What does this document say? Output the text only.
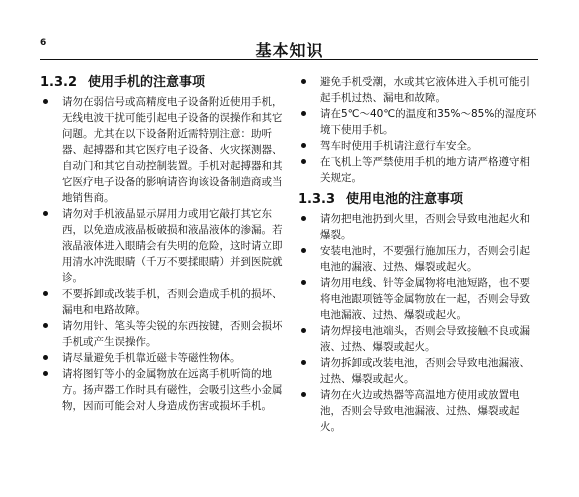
6	基本知识
1.3.2 使用手机的注意事项
请勿在弱信号或高精度电子设备附近使用手机，无线电波干扰可能引起电子设备的误操作和其它问题。尤其在以下设备附近需特别注意：助听器、起搏器和其它医疗电子设备、火灾探测器、自动门和其它自动控制装置。手机对起搏器和其它医疗电子设备的影响请咨询该设备制造商或当地销售商。
请勿对手机液晶显示屏用力或用它敲打其它东西，以免造成液晶板破损和液晶液体的渗漏。若液晶液体进入眼睛会有失明的危险，这时请立即用清水冲洗眼睛（千万不要揉眼睛）并到医院就诊。
不要拆卸或改装手机，否则会造成手机的损坏、漏电和电路故障。
请勿用针、笔头等尖锐的东西按键，否则会损坏手机或产生误操作。
请尽量避免手机靠近磁卡等磁性物体。
请将图钉等小的金属物放在远离手机听筒的地方。扬声器工作时具有磁性，会吸引这些小金属物，因而可能会对人身造成伤害或损坏手机。
避免手机受潮，水或其它液体进入手机可能引起手机过热、漏电和故障。
请在5℃～40℃的温度和35%～85%的湿度环境下使用手机。
驾车时使用手机请注意行车安全。
在飞机上等严禁使用手机的地方请严格遵守相关规定。
1.3.3 使用电池的注意事项
请勿把电池扔到火里，否则会导致电池起火和爆裂。
安装电池时，不要强行施加压力，否则会引起电池的漏液、过热、爆裂或起火。
请勿用电线、针等金属物将电池短路，也不要将电池跟项链等金属物放在一起，否则会导致电池漏液、过热、爆裂或起火。
请勿焊接电池端头，否则会导致接触不良或漏液、过热、爆裂或起火。
请勿拆卸或改装电池，否则会导致电池漏液、过热、爆裂或起火。
请勿在火边或热器等高温地方使用或放置电池，否则会导致电池漏液、过热、爆裂或起火。
